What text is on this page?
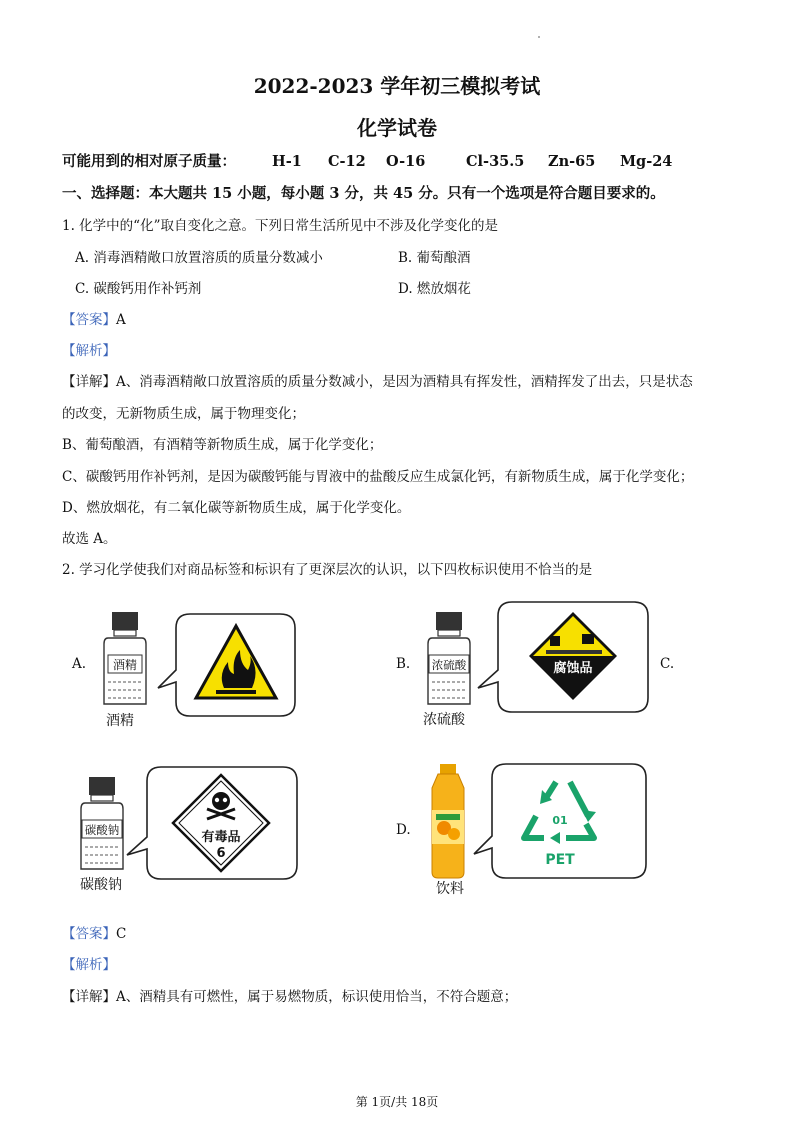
2022-2023 学年初三模拟考试
化学试卷
可能用到的相对原子质量： H-1 C-12 O-16	Cl-35.5 Zn-65 Mg-24
一、选择题：本大题共 15 小题，每小题 3 分，共 45 分。只有一个选项是符合题目要求的。
1. 化学中的“化”取自变化之意。下列日常生活所见中不涉及化学变化的是
A. 消毒酒精敞口放置溶质的质量分数减小	B. 葡萄酿酒
C. 碳酸钙用作补钙剂	D. 燃放烟花
【答案】A
【解析】
【详解】A、消毒酒精敞口放置溶质的质量分数减小，是因为酒精具有挥发性，酒精挥发了出去，只是状态
的改变，无新物质生成，属于物理变化；
B、葡萄酿酒，有酒精等新物质生成，属于化学变化；
C、碳酸钙用作补钙剂，是因为碳酸钙能与胃液中的盐酸反应生成氯化钙，有新物质生成，属于化学变化；
D、燃放烟花，有二氧化碳等新物质生成，属于化学变化。
故选 A。
2. 学习化学使我们对商品标签和标识有了更深层次的认识，以下四枚标识使用不恰当的是
A. 酒精
酒精
B. 浓硫酸
浓硫酸
腐蚀品	C.
碳酸钠
碳酸钠
有毒品
6
D.
饮料
01
PET
【答案】C
【解析】
【详解】A、酒精具有可燃性，属于易燃物质，标识使用恰当，不符合题意；
第 1页/共 18页
